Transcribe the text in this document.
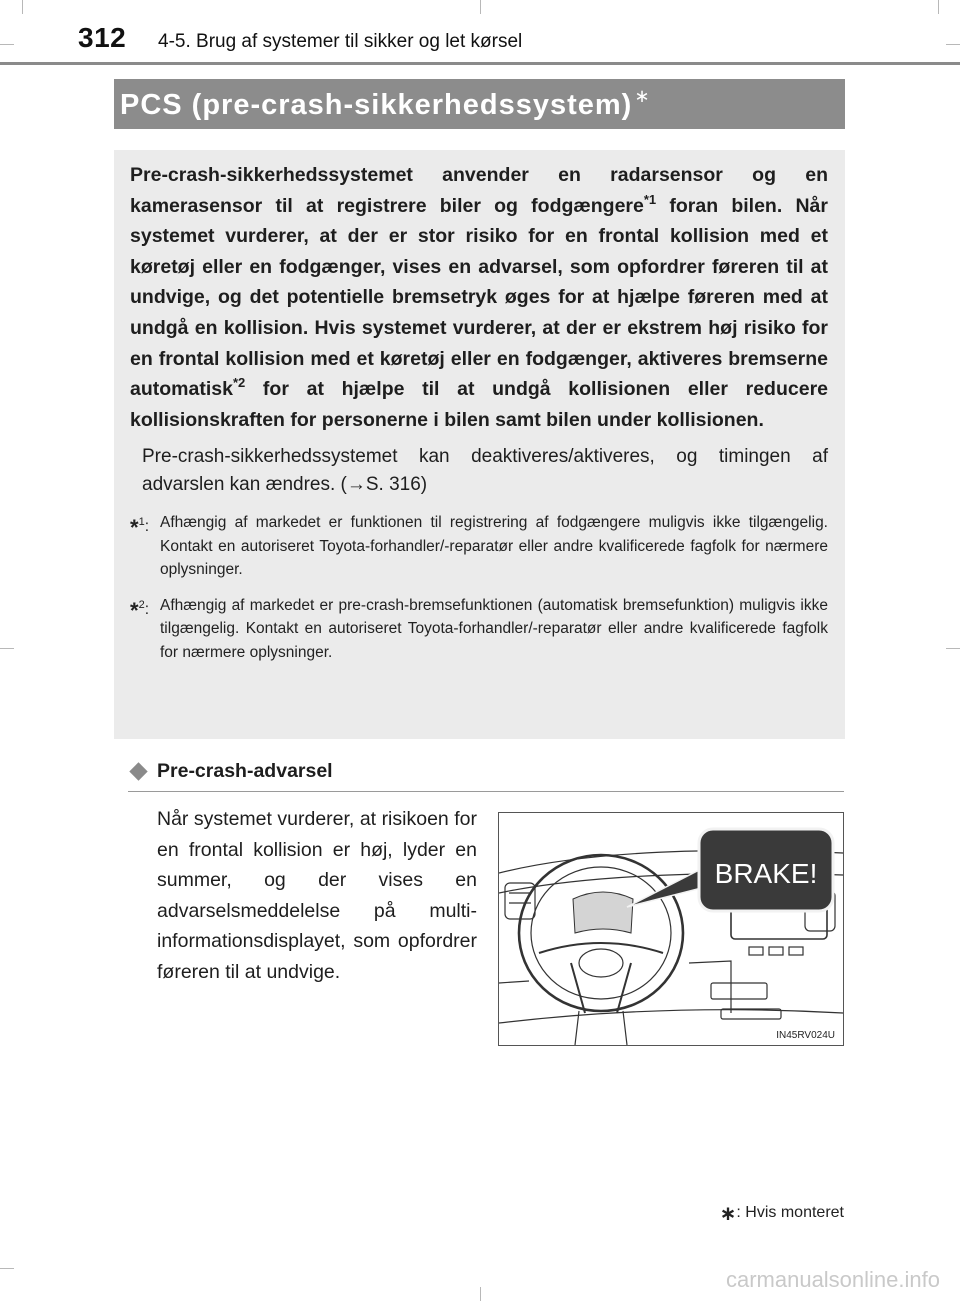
312 4-5. Brug af systemer til sikker og let kørsel
PCS (pre-crash-sikkerhedssystem) ∗

Pre-crash-sikkerhedssystemet anvender en radarsensor og en kamerasensor til at registrere biler og fodgængere$^{*1}$ foran bilen. Når systemet vurderer, at der er stor risiko for en frontal kollision med et køretøj eller en fodgænger, vises en advarsel, som opfordrer føreren til at undvige, og det potentielle bremsetryk øges for at hjælpe føreren med at undgå en kollision. Hvis systemet vurderer, at der er ekstrem høj risiko for en frontal kollision med et køretøj eller en fodgænger, aktiveres bremserne automatisk$^{*2}$ for at hjælpe til at undgå kollisionen eller reducere kollisionskraften for personerne i bilen samt bilen under kollisionen.

Pre-crash-sikkerhedssystemet kan deaktiveres/aktiveres, og timingen af advarslen kan ændres. (→S. 316)

*$^1$: Afhængig af markedet er funktionen til registrering af fodgængere muligvis ikke tilgængelig. Kontakt en autoriseret Toyota-forhandler/-reparatør eller andre kvalificerede fagfolk for nærmere oplysninger.
*$^2$: Afhængig af markedet er pre-crash-bremsefunktionen (automatisk bremsefunktion) muligvis ikke tilgængelig. Kontakt en autoriseret Toyota-forhandler/-reparatør eller andre kvalificerede fagfolk for nærmere oplysninger.
Pre-crash-advarsel

Når systemet vurderer, at risikoen for en frontal kollision er høj, lyder en summer, og der vises en advarselsmeddelelse på multi-informationsdisplayet, som opfordrer føreren til at undvige.

BRAKE!
IN45RV024U
∗: Hvis monteret
carmanualsonline.info
